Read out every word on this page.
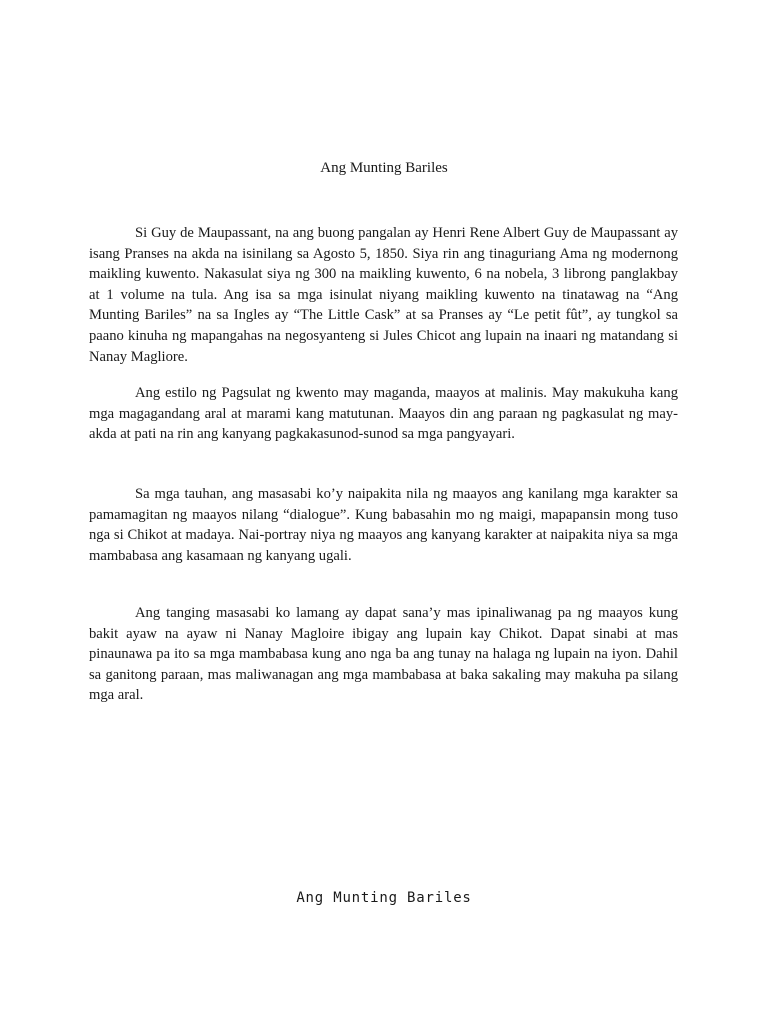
Ang Munting Bariles

Si Guy de Maupassant, na ang buong pangalan ay Henri Rene Albert Guy de Maupassant ay isang Pranses na akda na isinilang sa Agosto 5, 1850. Siya rin ang tinaguriang Ama ng modernong maikling kuwento. Nakasulat siya ng 300 na maikling kuwento, 6 na nobela, 3 librong panglakbay at 1 volume na tula. Ang isa sa mga isinulat niyang maikling kuwento na tinatawag na “Ang Munting Bariles” na sa Ingles ay “The Little Cask” at sa Pranses ay “Le petit fût”, ay tungkol sa paano kinuha ng mapangahas na negosyanteng si Jules Chicot ang lupain na inaari ng matandang si Nanay Magliore.

Ang estilo ng Pagsulat ng kwento may maganda, maayos at malinis. May makukuha kang mga magagandang aral at marami kang matutunan. Maayos din ang paraan ng pagkasulat ng may-akda at pati na rin ang kanyang pagkakasunod-sunod sa mga pangyayari.

Sa mga tauhan, ang masasabi ko’y naipakita nila ng maayos ang kanilang mga karakter sa pamamagitan ng maayos nilang “dialogue”. Kung babasahin mo ng maigi, mapapansin mong tuso nga si Chikot at madaya. Nai-portray niya ng maayos ang kanyang karakter at naipakita niya sa mga mambabasa ang kasamaan ng kanyang ugali.

Ang tanging masasabi ko lamang ay dapat sana’y mas ipinaliwanag pa ng maayos kung bakit ayaw na ayaw ni Nanay Magloire ibigay ang lupain kay Chikot. Dapat sinabi at mas pinaunawa pa ito sa mga mambabasa kung ano nga ba ang tunay na halaga ng lupain na iyon. Dahil sa ganitong paraan, mas maliwanagan ang mga mambabasa at baka sakaling may makuha pa silang mga aral.

Ang Munting Bariles
